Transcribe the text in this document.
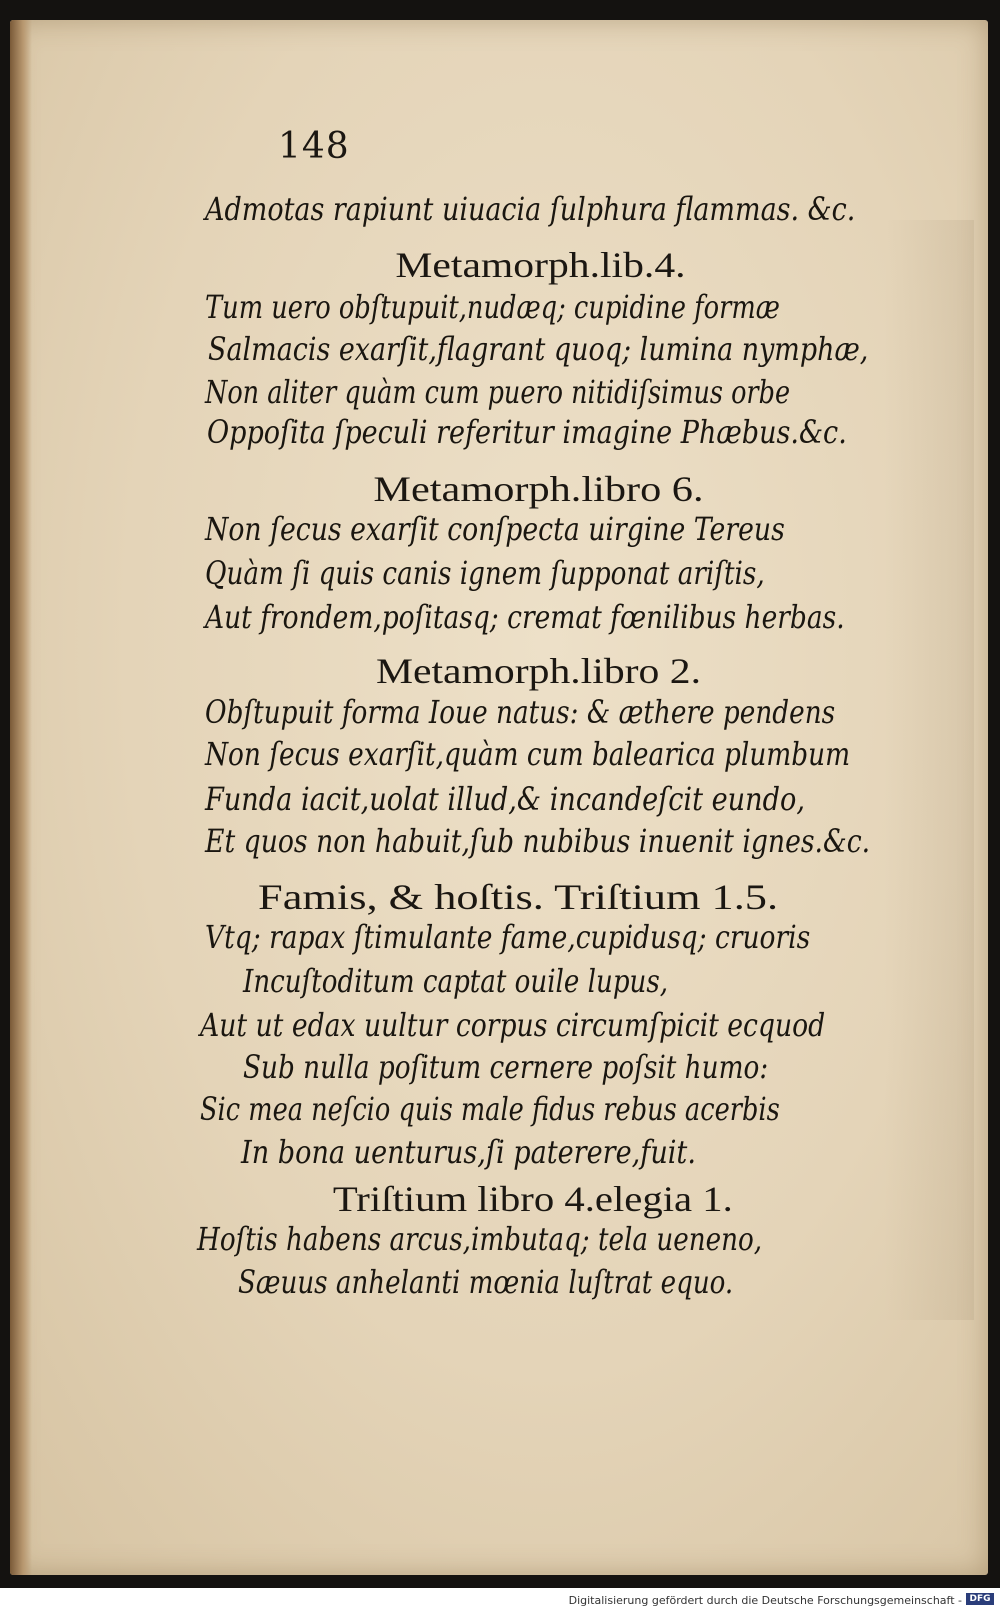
148
Admotas rapiunt uiuacia ſulphura flammas. &c.
Metamorph.lib.4.
Tum uero obſtupuit,nudæq; cupidine formæ
Salmacis exarſit,flagrant quoq; lumina nymphæ,
Non aliter quàm cum puero nitidiſsimus orbe
Oppoſita ſpeculi referitur imagine Phæbus.&c.
Metamorph.libro 6.
Non ſecus exarſit conſpecta uirgine Tereus
Quàm ſi quis canis ignem ſupponat ariſtis,
Aut frondem,poſitasq; cremat fœnilibus herbas.
Metamorph.libro 2.
Obſtupuit forma Ioue natus: & æthere pendens
Non ſecus exarſit,quàm cum balearica plumbum
Funda iacit,uolat illud,& incandeſcit eundo,
Et quos non habuit,ſub nubibus inuenit ignes.&c.
Famis, & hoſtis. Triſtium 1.5.
Vtq; rapax ſtimulante fame,cupidusq; cruoris
Incuſtoditum captat ouile lupus,
Aut ut edax uultur corpus circumſpicit ecquod
Sub nulla poſitum cernere poſsit humo:
Sic mea neſcio quis male fidus rebus acerbis
In bona uenturus,ſi paterere,fuit.
Triſtium libro 4.elegia 1.
Hoſtis habens arcus,imbutaq; tela ueneno,
Sæuus anhelanti mœnia luſtrat equo.
Digitalisierung gefördert durch die Deutsche Forschungsgemeinschaft - DFG
